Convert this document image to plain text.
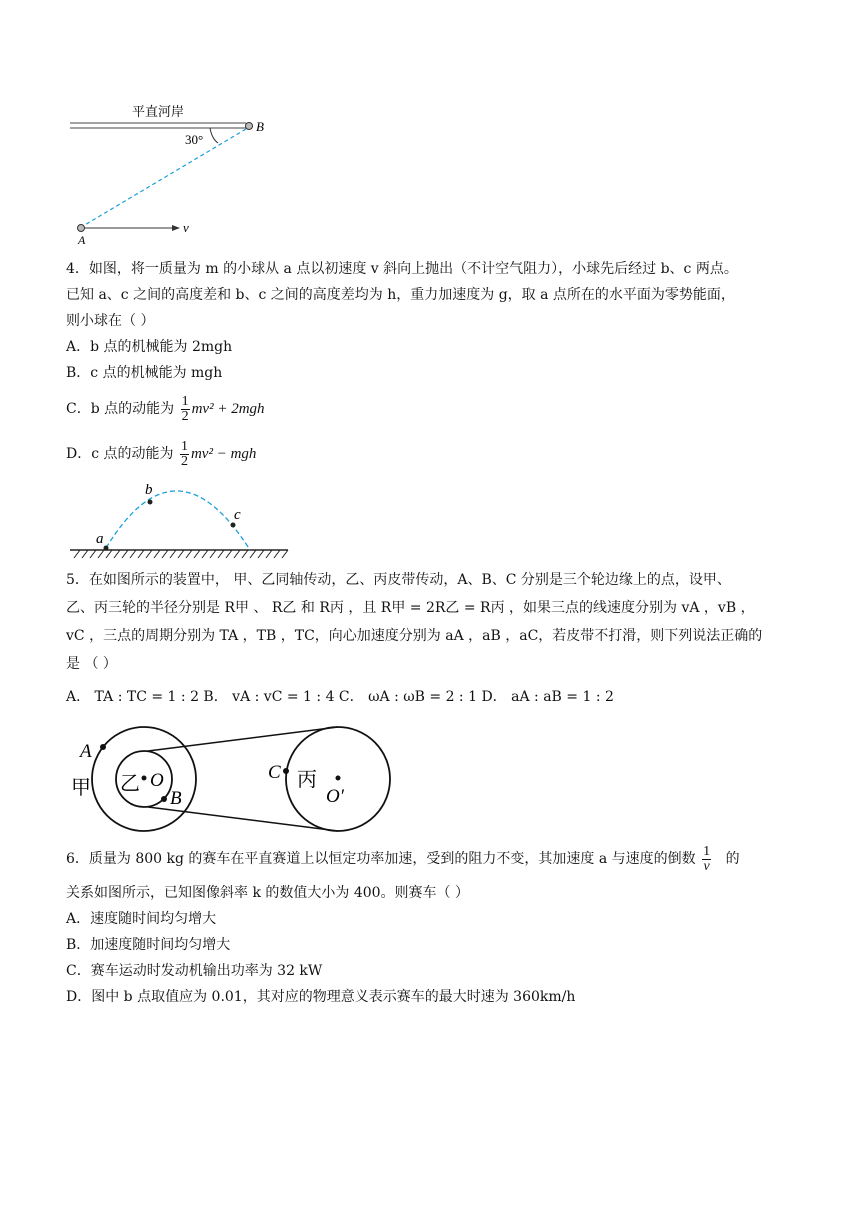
平直河岸
B
30°
v
A
4．如图，将一质量为 m 的小球从 a 点以初速度 v 斜向上抛出（不计空气阻力），小球先后经过 b、c 两点。
已知 a、c 之间的高度差和 b、c 之间的高度差均为 h，重力加速度为 g，取 a 点所在的水平面为零势能面，
则小球在（ ）
A．b 点的机械能为 2mgh
B．c 点的机械能为 mgh
C．b 点的动能为 $\frac{1}{2} mv^2 + 2mgh$
D．c 点的动能为 $\frac{1}{2} mv^2$ − mgh
a
b
c
5．在如图所示的装置中， 甲、乙同轴传动，乙、丙皮带传动，A、B、C 分别是三个轮边缘上的点，设甲、
乙、丙三轮的半径分别是 R甲 、 R乙 和 R丙 ，且 R甲 = 2R乙 = R丙 ，如果三点的线速度分别为 vA ，vB ，
vC ，三点的周期分别为 TA ，TB ，TC，向心加速度分别为 aA ，aB ，aC，若皮带不打滑，则下列说法正确的
是 （ ）
A． TA : TC = 1 : 2 B． vA : vC = 1 : 4 C． ωA : ωB = 2 : 1 D． aA : aB = 1 : 2
A
B
C
O
O′
甲 乙	丙
6．质量为 800 kg 的赛车在平直赛道上以恒定功率加速，受到的阻力不变，其加速度 a 与速度的倒数 $\frac{1}{v}$ 的
关系如图所示，已知图像斜率 k 的数值大小为 400。则赛车（ ）
A．速度随时间均匀增大
B．加速度随时间均匀增大
C．赛车运动时发动机输出功率为 32 kW
D．图中 b 点取值应为 0.01，其对应的物理意义表示赛车的最大时速为 360km/h
